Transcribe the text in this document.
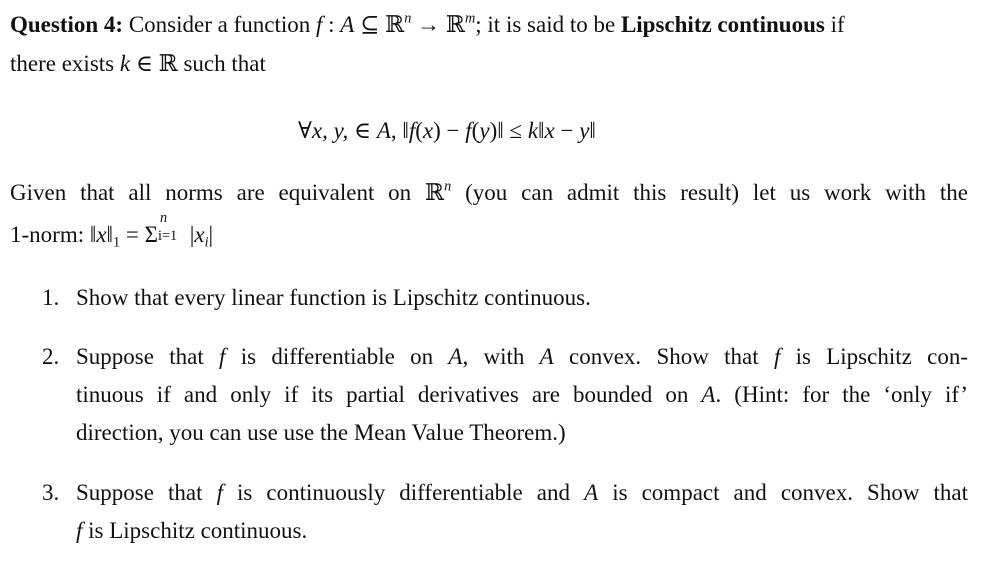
Question 4: Consider a function f : A ⊆ ℝ$^n$ → ℝ$^m$; it is said to be Lipschitz continuous if
there exists k ∈ ℝ such that
∀x, y, ∈ A, ‖f(x) − f(y)‖ ≤ k‖x − y‖
Given that all norms are equivalent on ℝ$^n$ (you can admit this result) let us work with the
1-norm: $‖x‖_1 = \Sigma$
n
i=1 $|x_i|$
1. Show that every linear function is Lipschitz continuous.
2. Suppose that f is differentiable on A, with A convex. Show that f is Lipschitz con-
tinuous if and only if its partial derivatives are bounded on A. (Hint: for the ‘only if’
direction, you can use use the Mean Value Theorem.)
3. Suppose that f is continuously differentiable and A is compact and convex. Show that
f is Lipschitz continuous.
